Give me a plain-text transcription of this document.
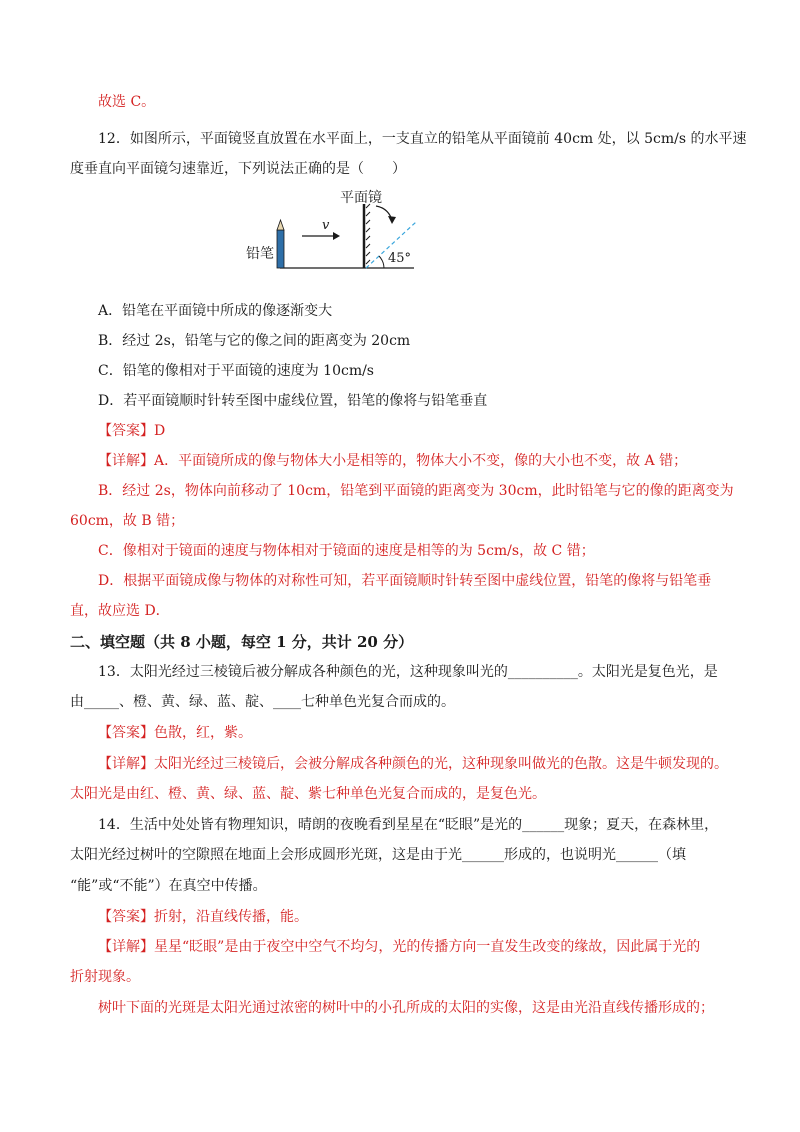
故选 C。
12．如图所示，平面镜竖直放置在水平面上，一支直立的铅笔从平面镜前 40cm 处，以 5cm/s 的水平速
度垂直向平面镜匀速靠近，下列说法正确的是（　　）
平面镜
45°
铅笔
v
A．铅笔在平面镜中所成的像逐渐变大
B．经过 2s，铅笔与它的像之间的距离变为 20cm
C．铅笔的像相对于平面镜的速度为 10cm/s
D．若平面镜顺时针转至图中虚线位置，铅笔的像将与铅笔垂直
【答案】D
【详解】A．平面镜所成的像与物体大小是相等的，物体大小不变，像的大小也不变，故 A 错；
B．经过 2s，物体向前移动了 10cm，铅笔到平面镜的距离变为 30cm，此时铅笔与它的像的距离变为
60cm，故 B 错；
C．像相对于镜面的速度与物体相对于镜面的速度是相等的为 5cm/s，故 C 错；
D．根据平面镜成像与物体的对称性可知，若平面镜顺时针转至图中虚线位置，铅笔的像将与铅笔垂
直，故应选 D．
二、填空题（共 8 小题，每空 1 分，共计 20 分）
13．太阳光经过三棱镜后被分解成各种颜色的光，这种现象叫光的__________。太阳光是复色光，是
由_____、橙、黄、绿、蓝、靛、____七种单色光复合而成的。
【答案】色散，红，紫。
【详解】太阳光经过三棱镜后，会被分解成各种颜色的光，这种现象叫做光的色散。这是牛顿发现的。
太阳光是由红、橙、黄、绿、蓝、靛、紫七种单色光复合而成的，是复色光。
14．生活中处处皆有物理知识，晴朗的夜晚看到星星在“眨眼”是光的______现象；夏天，在森林里，
太阳光经过树叶的空隙照在地面上会形成圆形光斑，这是由于光______形成的，也说明光______（填
“能”或“不能”）在真空中传播。
【答案】折射，沿直线传播，能。
【详解】星星“眨眼”是由于夜空中空气不均匀，光的传播方向一直发生改变的缘故，因此属于光的
折射现象。
树叶下面的光斑是太阳光通过浓密的树叶中的小孔所成的太阳的实像，这是由光沿直线传播形成的；
